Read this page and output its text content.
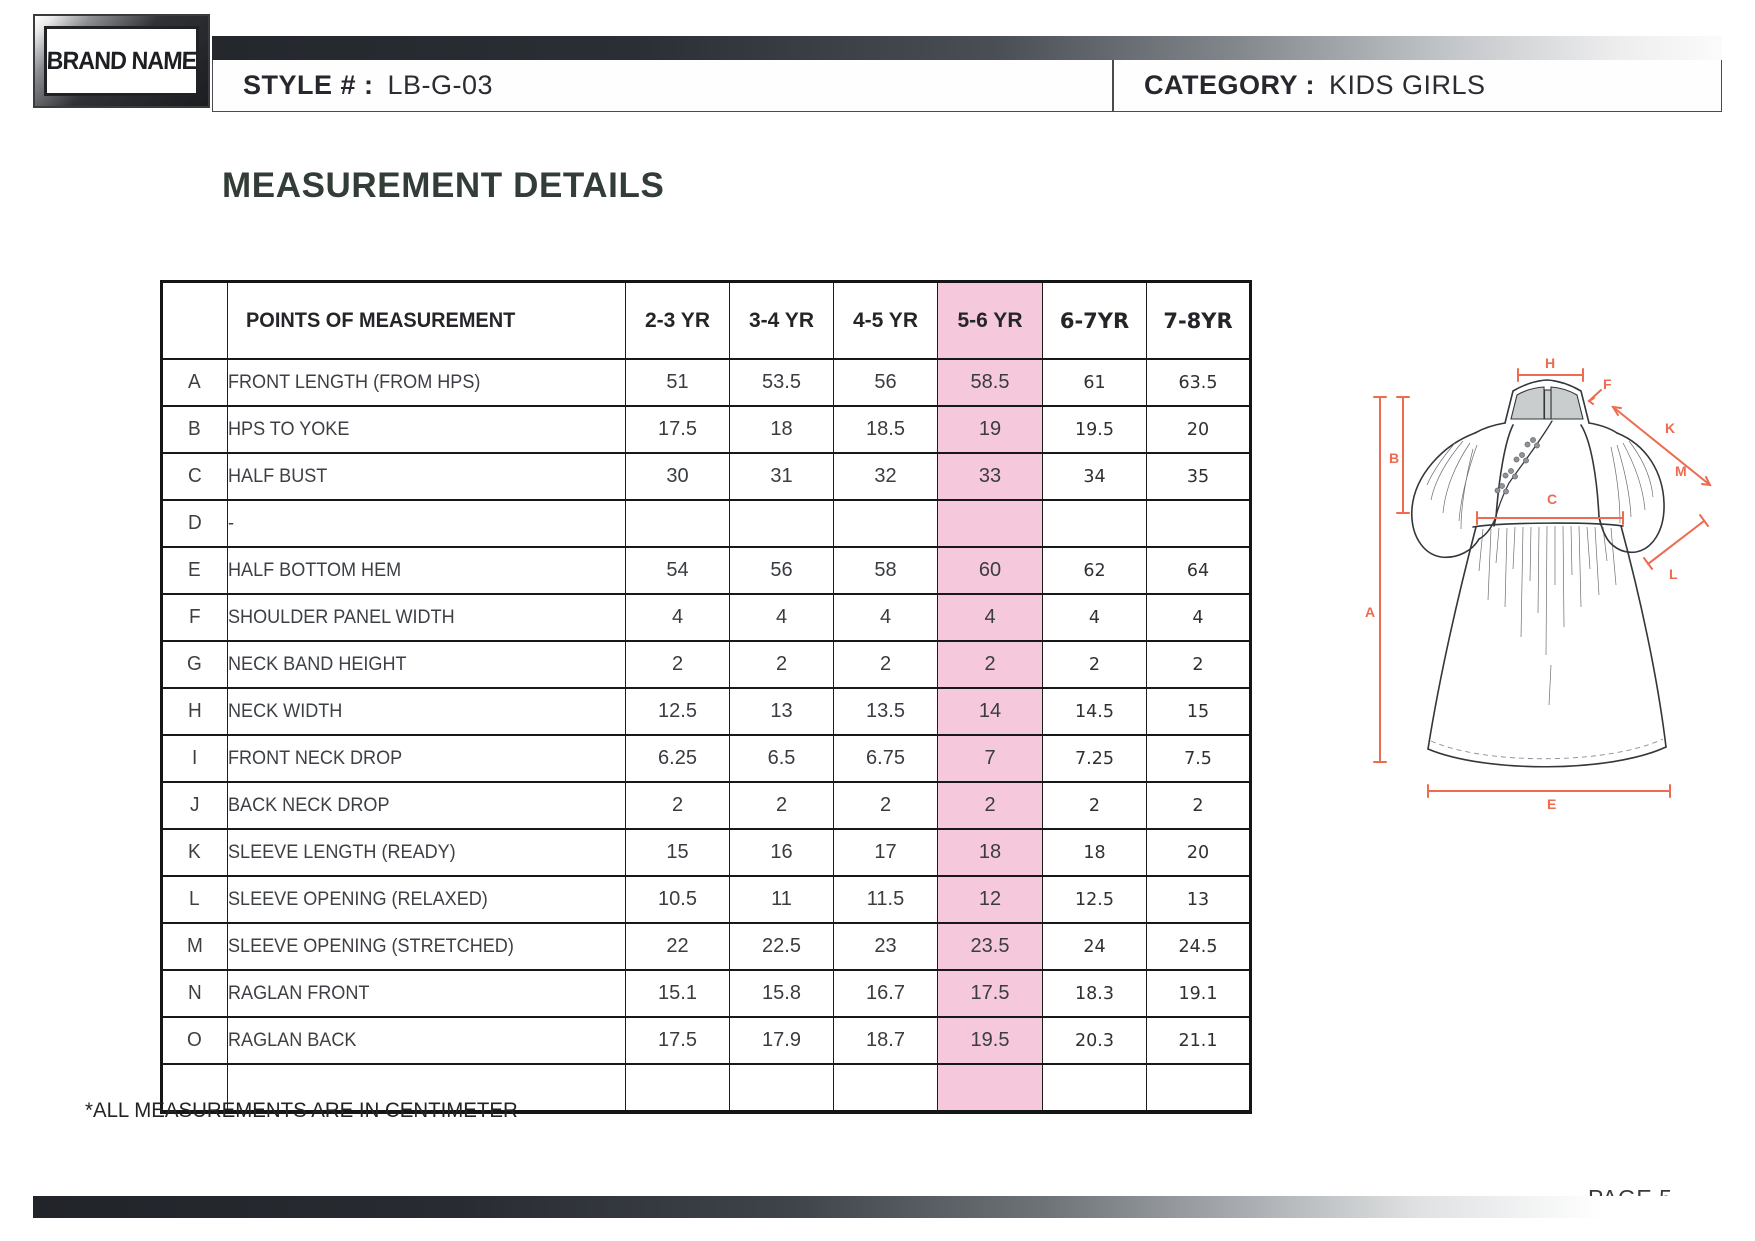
BRAND NAME
STYLE # : LB-G-03	CATEGORY : KIDS GIRLS
MEASUREMENT DETAILS
	POINTS OF MEASUREMENT	2-3 YR	3-4 YR	4-5 YR	5-6 YR	6-7YR	7-8YR
A	FRONT LENGTH (FROM HPS)	51	53.5	56	58.5	61	63.5
B	HPS TO YOKE	17.5	18	18.5	19	19.5	20
C	HALF BUST	30	31	32	33	34	35
D	-						
E	HALF BOTTOM HEM	54	56	58	60	62	64
F	SHOULDER PANEL WIDTH	4	4	4	4	4	4
G	NECK BAND HEIGHT	2	2	2	2	2	2
H	NECK WIDTH	12.5	13	13.5	14	14.5	15
I	FRONT NECK DROP	6.25	6.5	6.75	7	7.25	7.5
J	BACK NECK DROP	2	2	2	2	2	2
K	SLEEVE LENGTH (READY)	15	16	17	18	18	20
L	SLEEVE OPENING (RELAXED)	10.5	11	11.5	12	12.5	13
M	SLEEVE OPENING (STRETCHED)	22	22.5	23	23.5	24	24.5
N	RAGLAN FRONT	15.1	15.8	16.7	17.5	18.3	19.1
O	RAGLAN BACK	17.5	17.9	18.7	19.5	20.3	21.1

A
B
H
F
K
M
L
C
E
*ALL MEASUREMENTS ARE IN CENTIMETER
